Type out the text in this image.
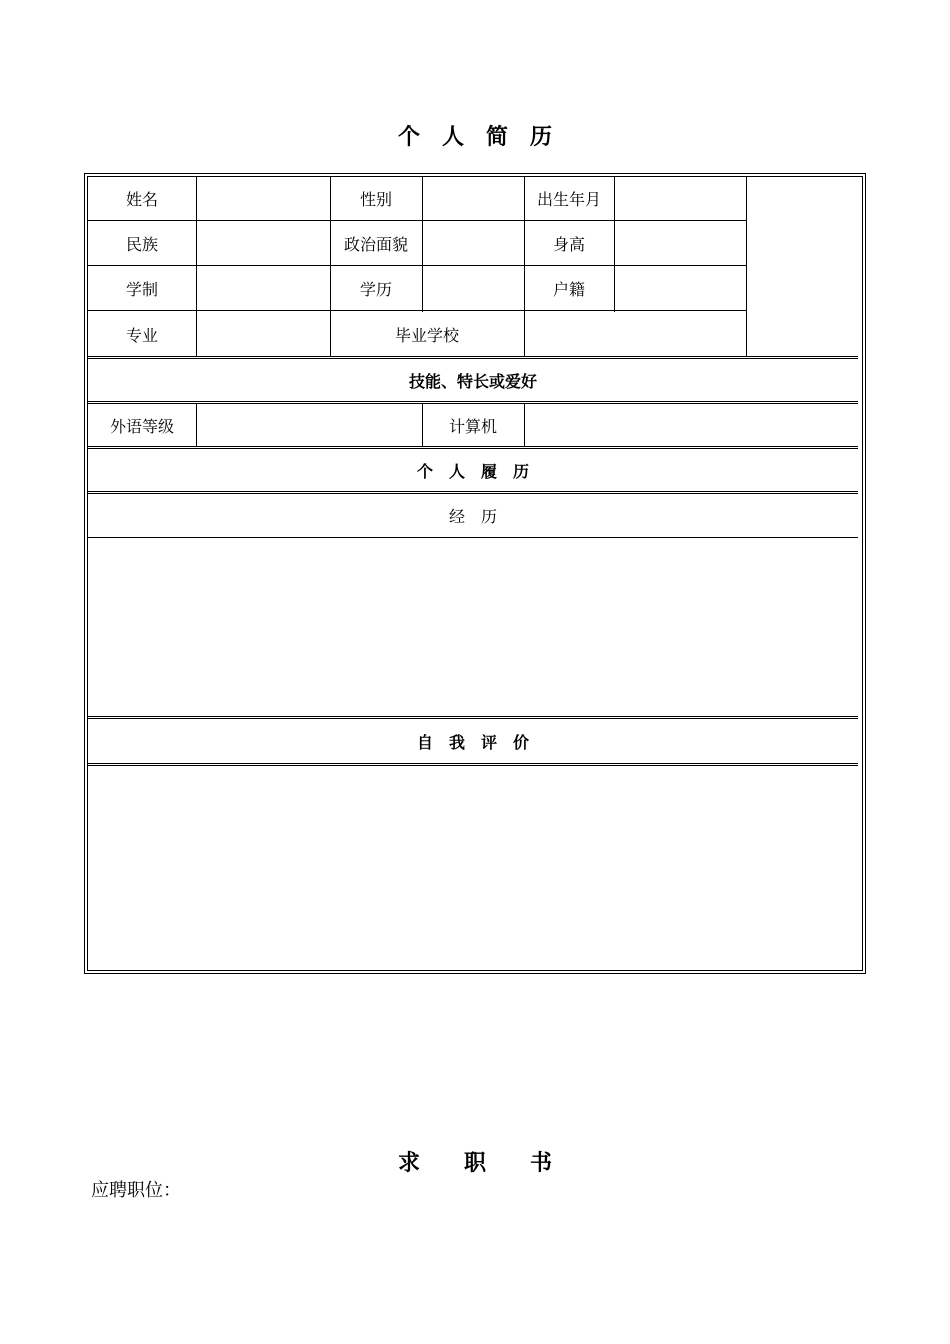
个　人　简　历
姓名	性别	出生年月
民族	政治面貌	身高
学制	学历	户籍
专业	毕业学校
技能、特长或爱好
外语等级	计算机
个　人　履　历
经　历
自　我　评　价
求　　职　　书
应聘职位：
